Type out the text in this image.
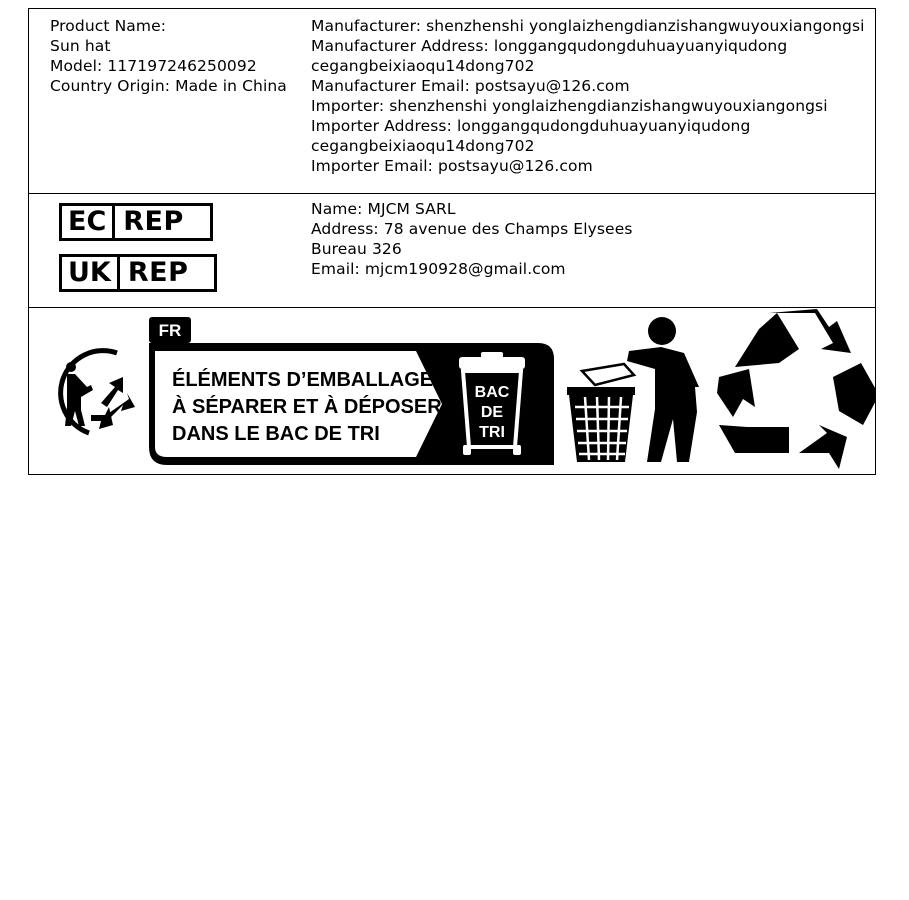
Product Name:
Sun hat
Model: 117197246250092
Country Origin: Made in China
Manufacturer: shenzhenshi yonglaizhengdianzishangwuyouxiangongsi
Manufacturer Address: longgangqudongduhuayuanyiqudong
cegangbeixiaoqu14dong702
Manufacturer Email: postsayu@126.com
Importer: shenzhenshi yonglaizhengdianzishangwuyouxiangongsi
Importer Address: longgangqudongduhuayuanyiqudong
cegangbeixiaoqu14dong702
Importer Email: postsayu@126.com
EC REP
UK REP
Name: MJCM SARL
Address: 78 avenue des Champs Elysees
Bureau 326
Email: mjcm190928@gmail.com
FR
ÉLÉMENTS D’EMBALLAGE
À SÉPARER ET À DÉPOSER
DANS LE BAC DE TRI
BAC
DE
TRI
